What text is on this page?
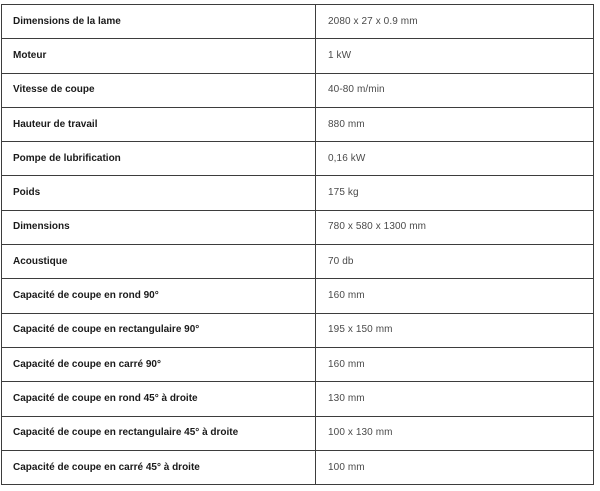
Dimensions de la lame	2080 x 27 x 0.9 mm
Moteur	1 kW
Vitesse de coupe	40-80 m/min
Hauteur de travail	880 mm
Pompe de lubrification	0,16 kW
Poids	175 kg
Dimensions	780 x 580 x 1300 mm
Acoustique	70 db
Capacité de coupe en rond 90°	160 mm
Capacité de coupe en rectangulaire 90°	195 x 150 mm
Capacité de coupe en carré 90°	160 mm
Capacité de coupe en rond 45° à droite	130 mm
Capacité de coupe en rectangulaire 45° à droite	100 x 130 mm
Capacité de coupe en carré 45° à droite	100 mm
